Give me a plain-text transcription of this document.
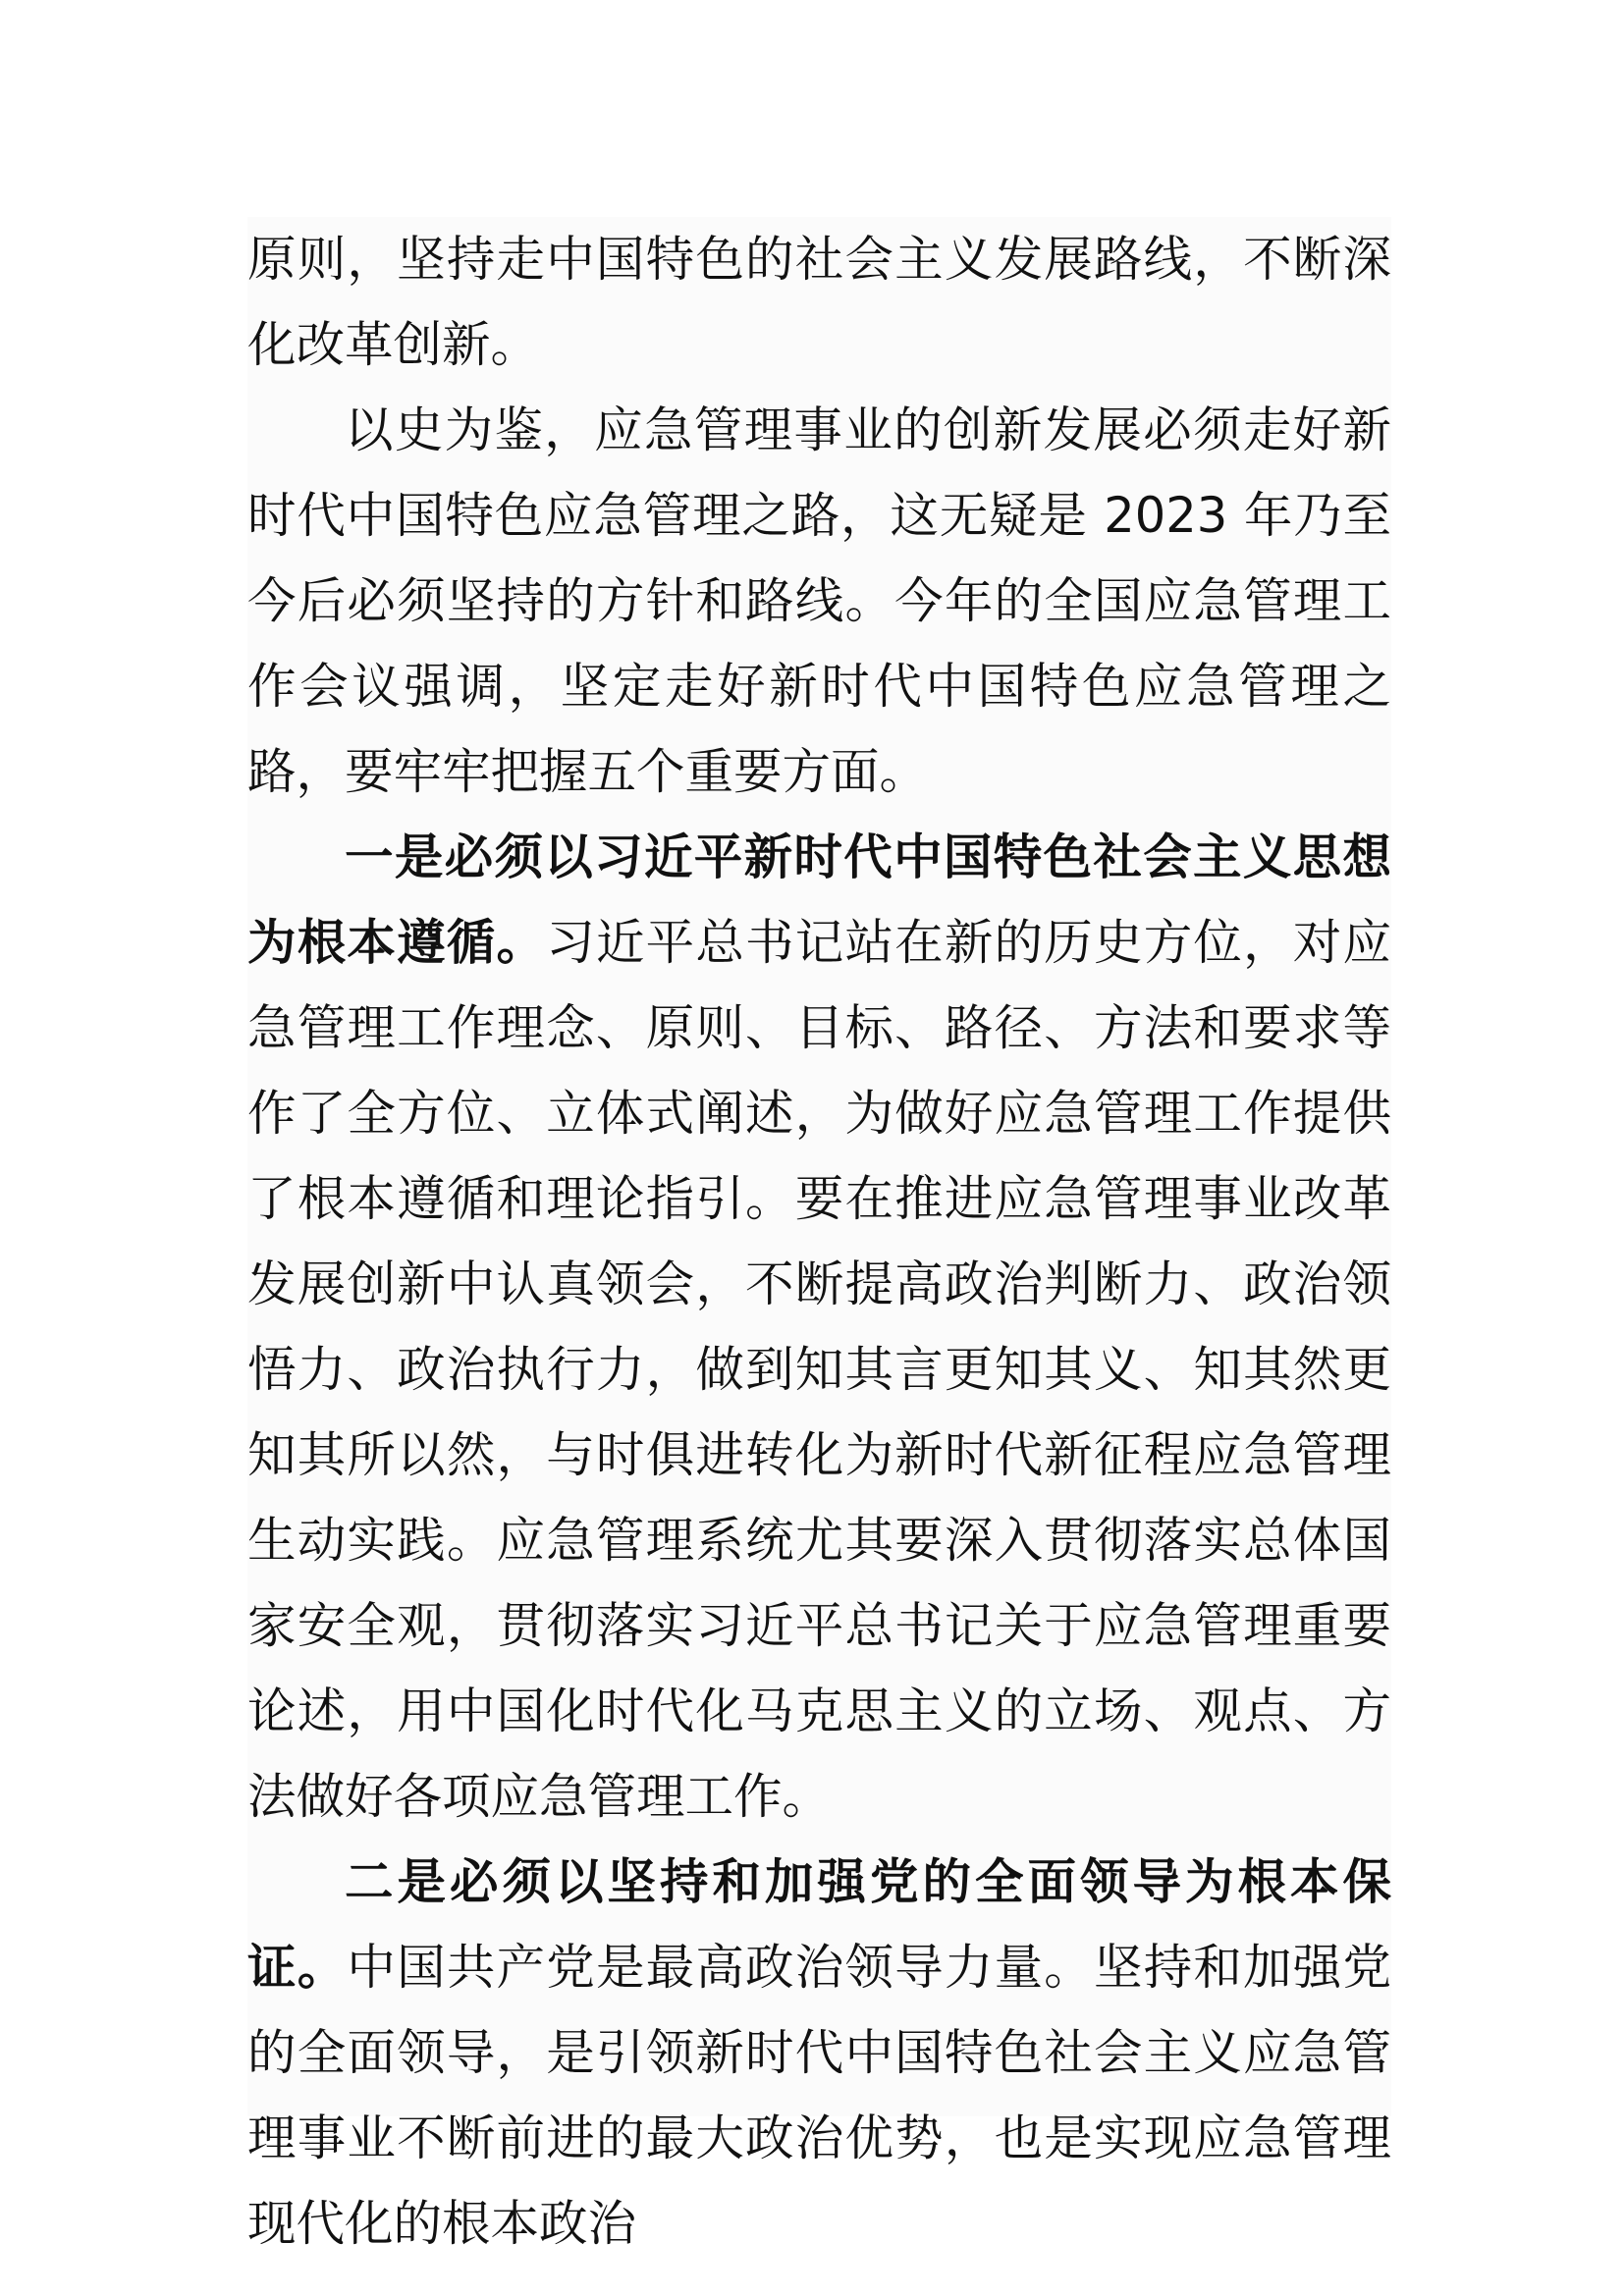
原则，坚持走中国特色的社会主义发展路线，不断深化改革创新。

以史为鉴，应急管理事业的创新发展必须走好新时代中国特色应急管理之路，这无疑是 2023 年乃至今后必须坚持的方针和路线。今年的全国应急管理工作会议强调，坚定走好新时代中国特色应急管理之路，要牢牢把握五个重要方面。

一是必须以习近平新时代中国特色社会主义思想为根本遵循。习近平总书记站在新的历史方位，对应急管理工作理念、原则、目标、路径、方法和要求等作了全方位、立体式阐述，为做好应急管理工作提供了根本遵循和理论指引。要在推进应急管理事业改革发展创新中认真领会，不断提高政治判断力、政治领悟力、政治执行力，做到知其言更知其义、知其然更知其所以然，与时俱进转化为新时代新征程应急管理生动实践。应急管理系统尤其要深入贯彻落实总体国家安全观，贯彻落实习近平总书记关于应急管理重要论述，用中国化时代化马克思主义的立场、观点、方法做好各项应急管理工作。

二是必须以坚持和加强党的全面领导为根本保证。中国共产党是最高政治领导力量。坚持和加强党的全面领导，是引领新时代中国特色社会主义应急管理事业不断前进的最大政治优势，也是实现应急管理现代化的根本政治
